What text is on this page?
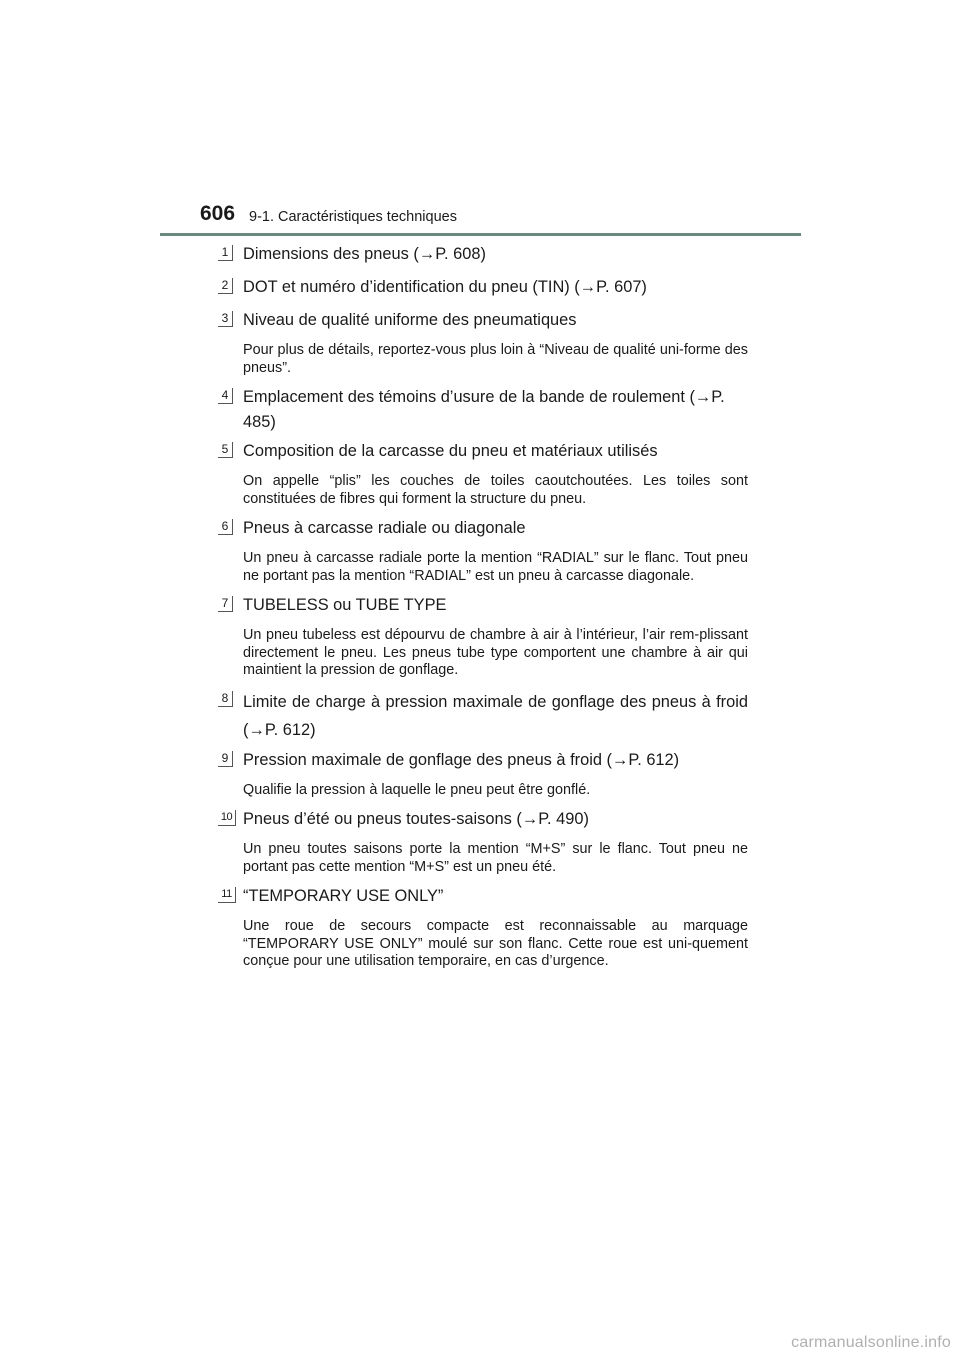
606 9-1. Caractéristiques techniques
1 Dimensions des pneus (→P. 608)

2 DOT et numéro d’identification du pneu (TIN) (→P. 607)

3 Niveau de qualité uniforme des pneumatiques

Pour plus de détails, reportez-vous plus loin à “Niveau de qualité uni-forme des pneus”.

4 Emplacement des témoins d’usure de la bande de roulement (→P. 485)

5 Composition de la carcasse du pneu et matériaux utilisés

On appelle “plis” les couches de toiles caoutchoutées. Les toiles sont constituées de fibres qui forment la structure du pneu.

6 Pneus à carcasse radiale ou diagonale

Un pneu à carcasse radiale porte la mention “RADIAL” sur le flanc. Tout pneu ne portant pas la mention “RADIAL” est un pneu à carcasse diagonale.

7 TUBELESS ou TUBE TYPE

Un pneu tubeless est dépourvu de chambre à air à l’intérieur, l’air rem-plissant directement le pneu. Les pneus tube type comportent une chambre à air qui maintient la pression de gonflage.

8 Limite de charge à pression maximale de gonflage des pneus à froid (→P. 612)

9 Pression maximale de gonflage des pneus à froid (→P. 612)

Qualifie la pression à laquelle le pneu peut être gonflé.

10 Pneus d’été ou pneus toutes-saisons (→P. 490)

Un pneu toutes saisons porte la mention “M+S” sur le flanc. Tout pneu ne portant pas cette mention “M+S” est un pneu été.

11 “TEMPORARY USE ONLY”

Une roue de secours compacte est reconnaissable au marquage “TEMPORARY USE ONLY” moulé sur son flanc. Cette roue est uni-quement conçue pour une utilisation temporaire, en cas d’urgence.

carmanualsonline.info
